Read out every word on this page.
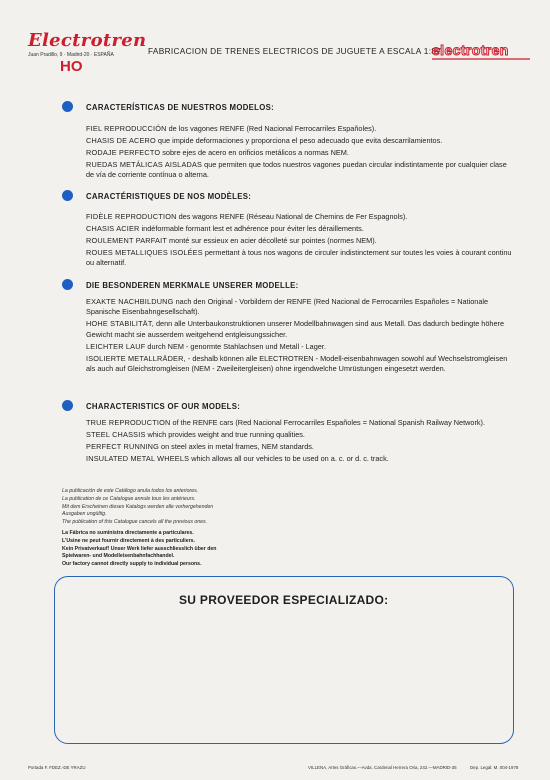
Electrotren
Juan Pradillo, 9 · Madrid-20 · ESPAÑA
HO
FABRICACION DE TRENES ELECTRICOS DE JUGUETE A ESCALA 1:87
electrotren
CARACTERÍSTICAS DE NUESTROS MODELOS:

FIEL REPRODUCCIÓN de los vagones RENFE (Red Nacional Ferrocarriles Españoles).

CHASIS DE ACERO que impide deformaciones y proporciona el peso adecuado que evita descarrilamientos.

RODAJE PERFECTO sobre ejes de acero en orificios metálicos a normas NEM.

RUEDAS METÁLICAS AISLADAS que permiten que todos nuestros vagones puedan circular indistintamente por cualquier clase de vía de corriente contínua o alterna.

CARACTÉRISTIQUES DE NOS MODÈLES:

FIDÈLE REPRODUCTION des wagons RENFE (Réseau National de Chemins de Fer Espagnols).

CHASIS ACIER indéformable formant lest et adhérence pour éviter les déraillements.

ROULEMENT PARFAIT monté sur essieux en acier décolleté sur pointes (normes NEM).

ROUES METALLIQUES ISOLÉES permettant à tous nos wagons de circuler indistinctement sur toutes les voies à courant continu ou alternatif.

DIE BESONDEREN MERKMALE UNSERER MODELLE:

EXAKTE NACHBILDUNG nach den Original - Vorbildern der RENFE (Red Nacional de Ferrocarriles Españoles = Nationale Spanische Eisenbahngesellschaft).

HOHE STABILITÄT, denn alle Unterbaukonstruktionen unserer Modellbahnwagen sind aus Metall. Das dadurch bedingte höhere Gewicht macht sie ausserdem weitgehend entgleisungssicher.

LEICHTER LAUF durch NEM - genormte Stahlachsen und Metall - Lager.

ISOLIERTE METALLRÄDER, - deshalb können alle ELECTROTREN - Modell-eisenbahnwagen sowohl auf Wechselstromgleisen als auch auf Gleichstromgleisen (NEM - Zweileitergleisen) ohne irgendwelche Umrüstungen eingesetzt werden.

CHARACTERISTICS OF OUR MODELS:

TRUE REPRODUCTION of the RENFE cars (Red Nacional Ferrocarriles Españoles = National Spanish Railway Network).

STEEL CHASSIS which provides weight and true running qualities.

PERFECT RUNNING on steel axles in metal frames, NEM standards.

INSULATED METAL WHEELS which allows all our vehicles to be used on a. c. or d. c. track.

La publicación de este Catálogo anula todos los anteriores.
La publication de ce Catalogue annule tous les antérieurs.
Mit dem Erscheinen dieses Katalogs werden alle vorhergehenden
Ausgaben ungültig.
The publication of this Catalogue cancels all the previous ones.
La Fábrica no suministra directamente a particulares.
L'Usine ne peut fournir directement à des particuliers.
Kein Privatverkauf! Unser Werk liefer ausschliesslich über den
Spielwaren- und Modelleisenbahnfachhandel.
Our factory cannot directly supply to individual persons.
SU PROVEEDOR ESPECIALIZADO:
Portada F. FDEZ.-DE YRAZU	VILLENA, Artes Gráficas.—Avda. Cardenal Herrera Oria, 242.—MADRID-35	Dep. Legal: M. 004-1978
